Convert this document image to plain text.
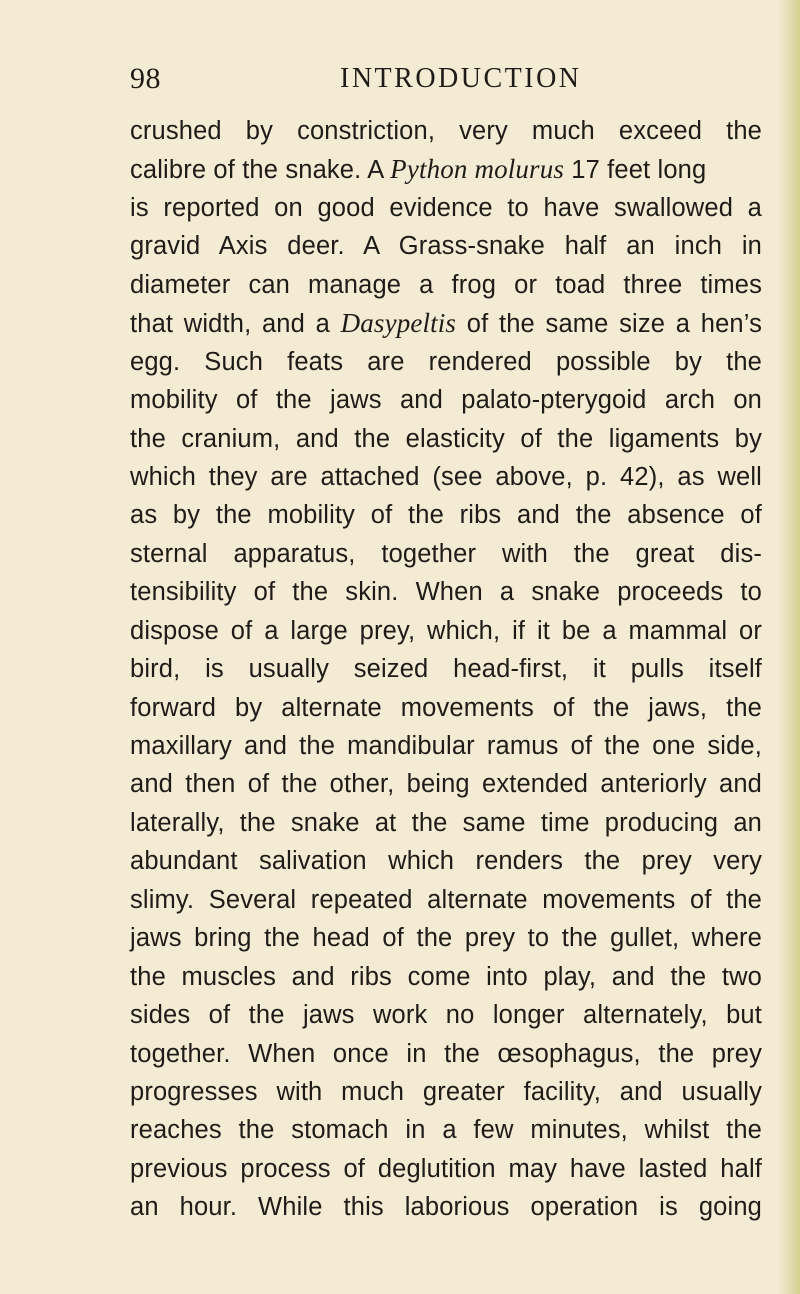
98	INTRODUCTION
crushed by constriction, very much exceed the
calibre of the snake. A Python molurus 17 feet long
is reported on good evidence to have swallowed a
gravid Axis deer. A Grass-snake half an inch in
diameter can manage a frog or toad three times
that width, and a Dasypeltis of the same size a hen’s
egg. Such feats are rendered possible by the
mobility of the jaws and palato-pterygoid arch on
the cranium, and the elasticity of the ligaments by
which they are attached (see above, p. 42), as well
as by the mobility of the ribs and the absence of
sternal apparatus, together with the great dis-
tensibility of the skin. When a snake proceeds to
dispose of a large prey, which, if it be a mammal or
bird, is usually seized head-first, it pulls itself
forward by alternate movements of the jaws, the
maxillary and the mandibular ramus of the one side,
and then of the other, being extended anteriorly and
laterally, the snake at the same time producing an
abundant salivation which renders the prey very
slimy. Several repeated alternate movements of the
jaws bring the head of the prey to the gullet, where
the muscles and ribs come into play, and the two
sides of the jaws work no longer alternately, but
together. When once in the œsophagus, the prey
progresses with much greater facility, and usually
reaches the stomach in a few minutes, whilst the
previous process of deglutition may have lasted half
an hour. While this laborious operation is going
